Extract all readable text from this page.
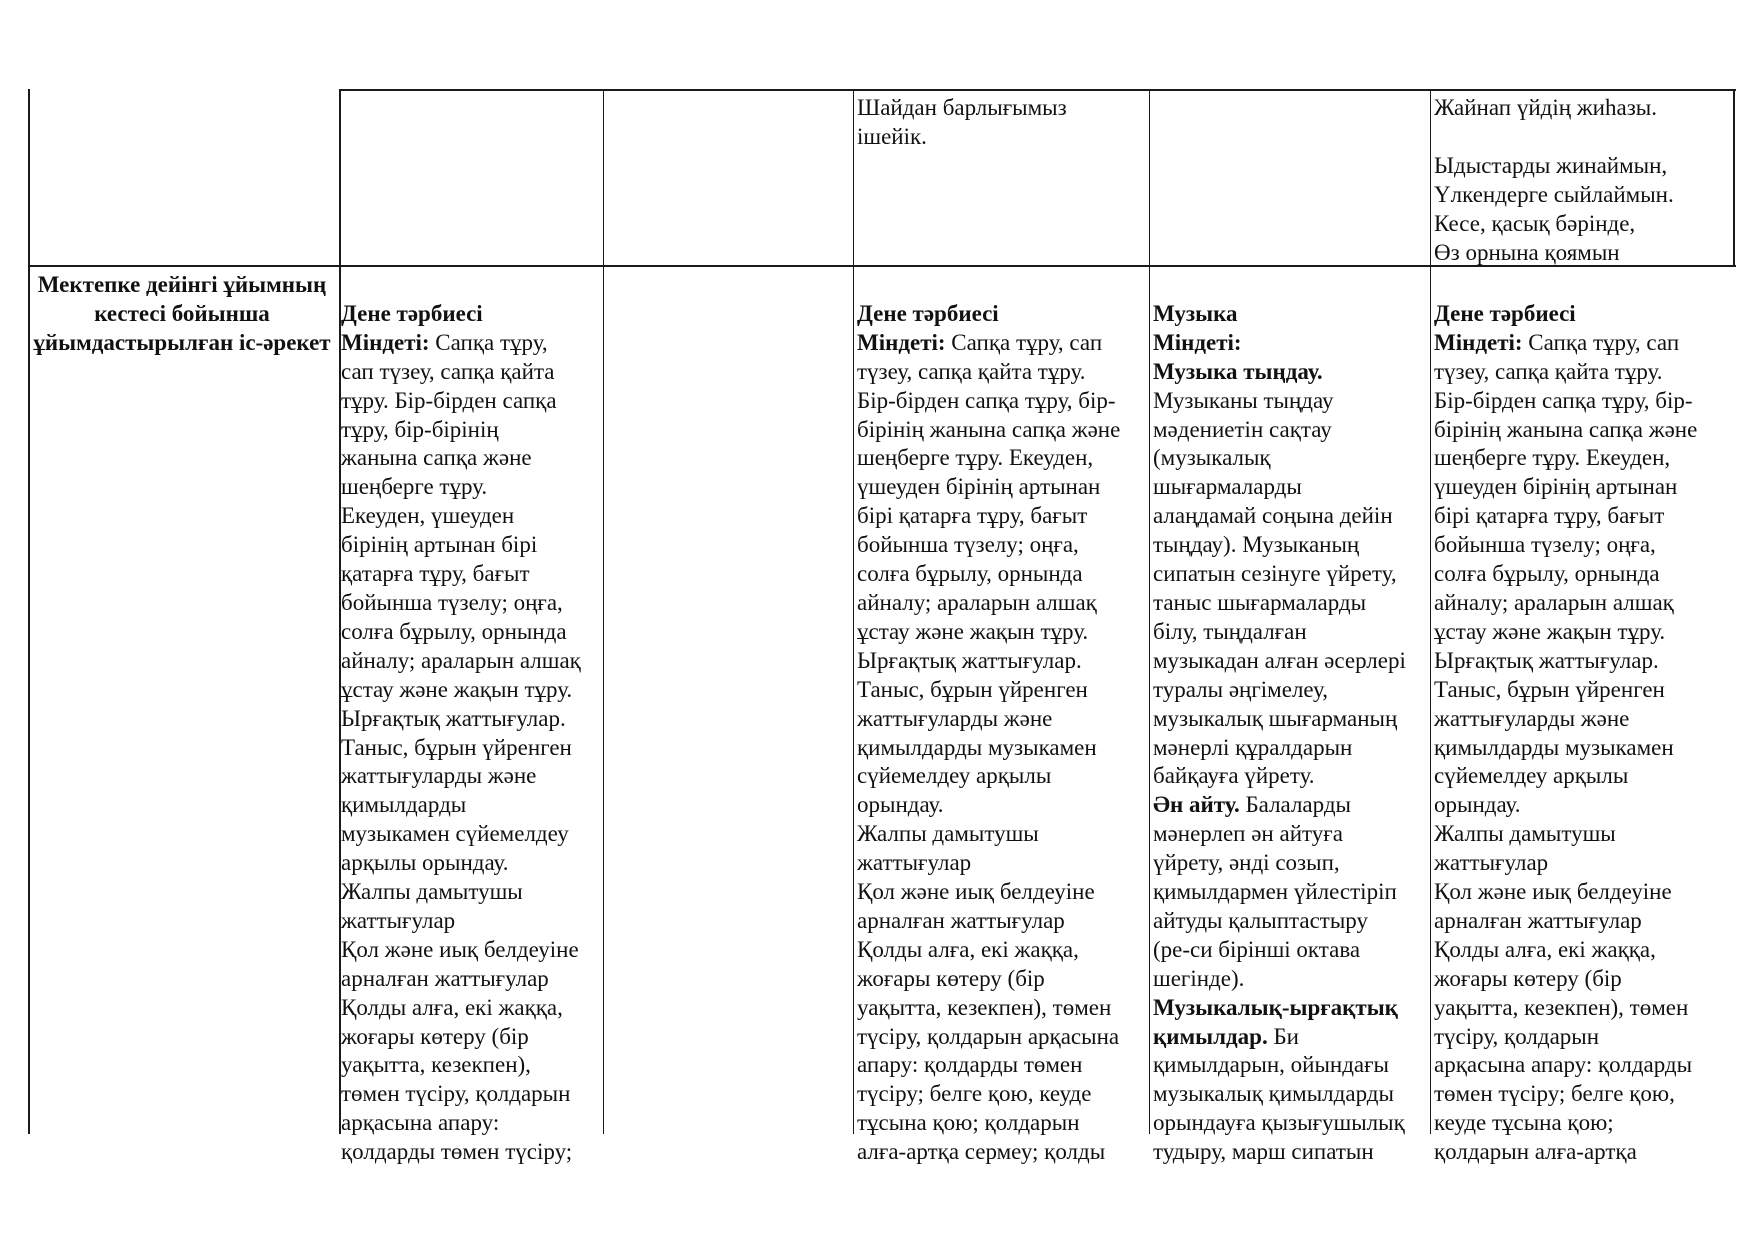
Шайдан барлығымыз
ішейік.
Жайнап үйдің жиһазы.

Ыдыстарды жинаймын,
Үлкендерге сыйлаймын.
Кесе, қасық бәрінде,
Өз орнына қоямын
Мектепке дейінгі ұйымның кестесі бойынша ұйымдастырылған іс-әрекет

Дене тәрбиесі
Міндеті: Сапқа тұру,
сап түзеу, сапқа қайта
тұру. Бір-бірден сапқа
тұру, бір-бірінің
жанына сапқа және
шеңберге тұру.
Екеуден, үшеуден
бірінің артынан бірі
қатарға тұру, бағыт
бойынша түзелу; оңға,
солға бұрылу, орнында
айналу; араларын алшақ
ұстау және жақын тұру.
Ырғақтық жаттығулар.
Таныс, бұрын үйренген
жаттығуларды және
қимылдарды
музыкамен сүйемелдеу
арқылы орындау.
Жалпы дамытушы
жаттығулар
Қол және иық белдеуіне
арналған жаттығулар
Қолды алға, екі жаққа,
жоғары көтеру (бір
уақытта, кезекпен),
төмен түсіру, қолдарын
арқасына апару:
қолдарды төмен түсіру;

Дене тәрбиесі
Міндеті: Сапқа тұру, сап
түзеу, сапқа қайта тұру.
Бір-бірден сапқа тұру, бір-
бірінің жанына сапқа және
шеңберге тұру. Екеуден,
үшеуден бірінің артынан
бірі қатарға тұру, бағыт
бойынша түзелу; оңға,
солға бұрылу, орнында
айналу; араларын алшақ
ұстау және жақын тұру.
Ырғақтық жаттығулар.
Таныс, бұрын үйренген
жаттығуларды және
қимылдарды музыкамен
сүйемелдеу арқылы
орындау.
Жалпы дамытушы
жаттығулар
Қол және иық белдеуіне
арналған жаттығулар
Қолды алға, екі жаққа,
жоғары көтеру (бір
уақытта, кезекпен), төмен
түсіру, қолдарын арқасына
апару: қолдарды төмен
түсіру; белге қою, кеуде
тұсына қою; қолдарын
алға-артқа сермеу; қолды

Музыка
Міндеті:
Музыка тыңдау.
Музыканы тыңдау
мәдениетін сақтау
(музыкалық
шығармаларды
алаңдамай соңына дейін
тыңдау). Музыканың
сипатын сезінуге үйрету,
таныс шығармаларды
білу, тыңдалған
музыкадан алған әсерлері
туралы әңгімелеу,
музыкалық шығарманың
мәнерлі құралдарын
байқауға үйрету.
Ән айту. Балаларды
мәнерлеп ән айтуға
үйрету, әнді созып,
қимылдармен үйлестіріп
айтуды қалыптастыру
(ре-си бірінші октава
шегінде).
Музыкалық-ырғақтық
қимылдар. Би
қимылдарын, ойындағы
музыкалық қимылдарды
орындауға қызығушылық
тудыру, марш сипатын

Дене тәрбиесі
Міндеті: Сапқа тұру, сап
түзеу, сапқа қайта тұру.
Бір-бірден сапқа тұру, бір-
бірінің жанына сапқа және
шеңберге тұру. Екеуден,
үшеуден бірінің артынан
бірі қатарға тұру, бағыт
бойынша түзелу; оңға,
солға бұрылу, орнында
айналу; араларын алшақ
ұстау және жақын тұру.
Ырғақтық жаттығулар.
Таныс, бұрын үйренген
жаттығуларды және
қимылдарды музыкамен
сүйемелдеу арқылы
орындау.
Жалпы дамытушы
жаттығулар
Қол және иық белдеуіне
арналған жаттығулар
Қолды алға, екі жаққа,
жоғары көтеру (бір
уақытта, кезекпен), төмен
түсіру, қолдарын
арқасына апару: қолдарды
төмен түсіру; белге қою,
кеуде тұсына қою;
қолдарын алға-артқа
